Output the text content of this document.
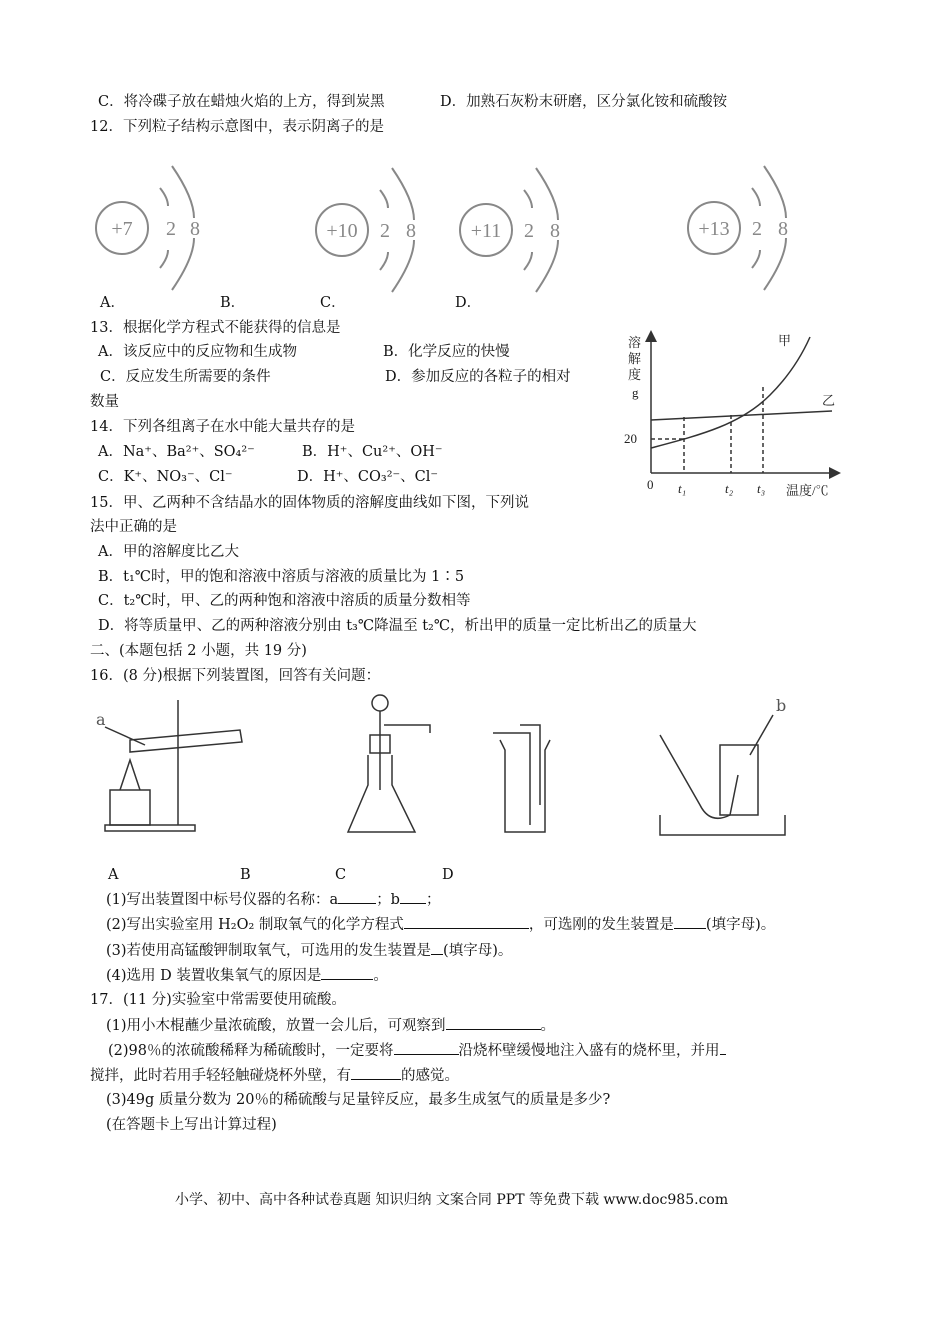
C．将冷碟子放在蜡烛火焰的上方，得到炭黑	D．加熟石灰粉末研磨，区分氯化铵和硫酸铵
12．下列粒子结构示意图中，表示阴离子的是
+7 2 8	+10 2 8	+11 2 8	+13 2 8
A．	B．	C．	D．
13．根据化学方程式不能获得的信息是
A．该反应中的反应物和生成物	B．化学反应的快慢
C．反应发生所需要的条件	D．参加反应的各粒子的相对
数量
14．下列各组离子在水中能大量共存的是
A．Na⁺、Ba²⁺、SO₄²⁻	B．H⁺、Cu²⁺、OH⁻
C．K⁺、NO₃⁻、Cl⁻	D．H⁺、CO₃²⁻、Cl⁻
15．甲、乙两种不含结晶水的固体物质的溶解度曲线如下图，下列说
法中正确的是
A．甲的溶解度比乙大
B．t₁℃时，甲的饱和溶液中溶质与溶液的质量比为 1∶5
C．t₂℃时，甲、乙的两种饱和溶液中溶质的质量分数相等
D．将等质量甲、乙的两种溶液分别由 t₃℃降温至 t₂℃，析出甲的质量一定比析出乙的质量大
溶
解
度
g
20
0 t₁	t₂ t₃ 温度/℃
甲
乙
二、(本题包括 2 小题，共 19 分)
16．(8 分)根据下列装置图，回答有关问题：
a
b
A	B	C	D
(1)写出装置图中标号仪器的名称：a	；b ；
(2)写出实验室用 H₂O₂ 制取氧气的化学方程式	，可选刚的发生装置是 (填字母)。
(3)若使用高锰酸钾制取氧气，可选用的发生装置是 (填字母)。
(4)选用 D 装置收集氧气的原因是	。
17．(11 分)实验室中常需要使用硫酸。
(1)用小木棍蘸少量浓硫酸，放置一会儿后，可观察到	。
(2)98％的浓硫酸稀释为稀硫酸时，一定要将	沿烧杯壁缓慢地注入盛有的烧杯里，并用
搅拌，此时若用手轻轻触碰烧杯外壁，有	的感觉。
(3)49g 质量分数为 20％的稀硫酸与足量锌反应，最多生成氢气的质量是多少?
(在答题卡上写出计算过程)
小学、初中、高中各种试卷真题 知识归纳 文案合同 PPT 等免费下载 www.doc985.com
